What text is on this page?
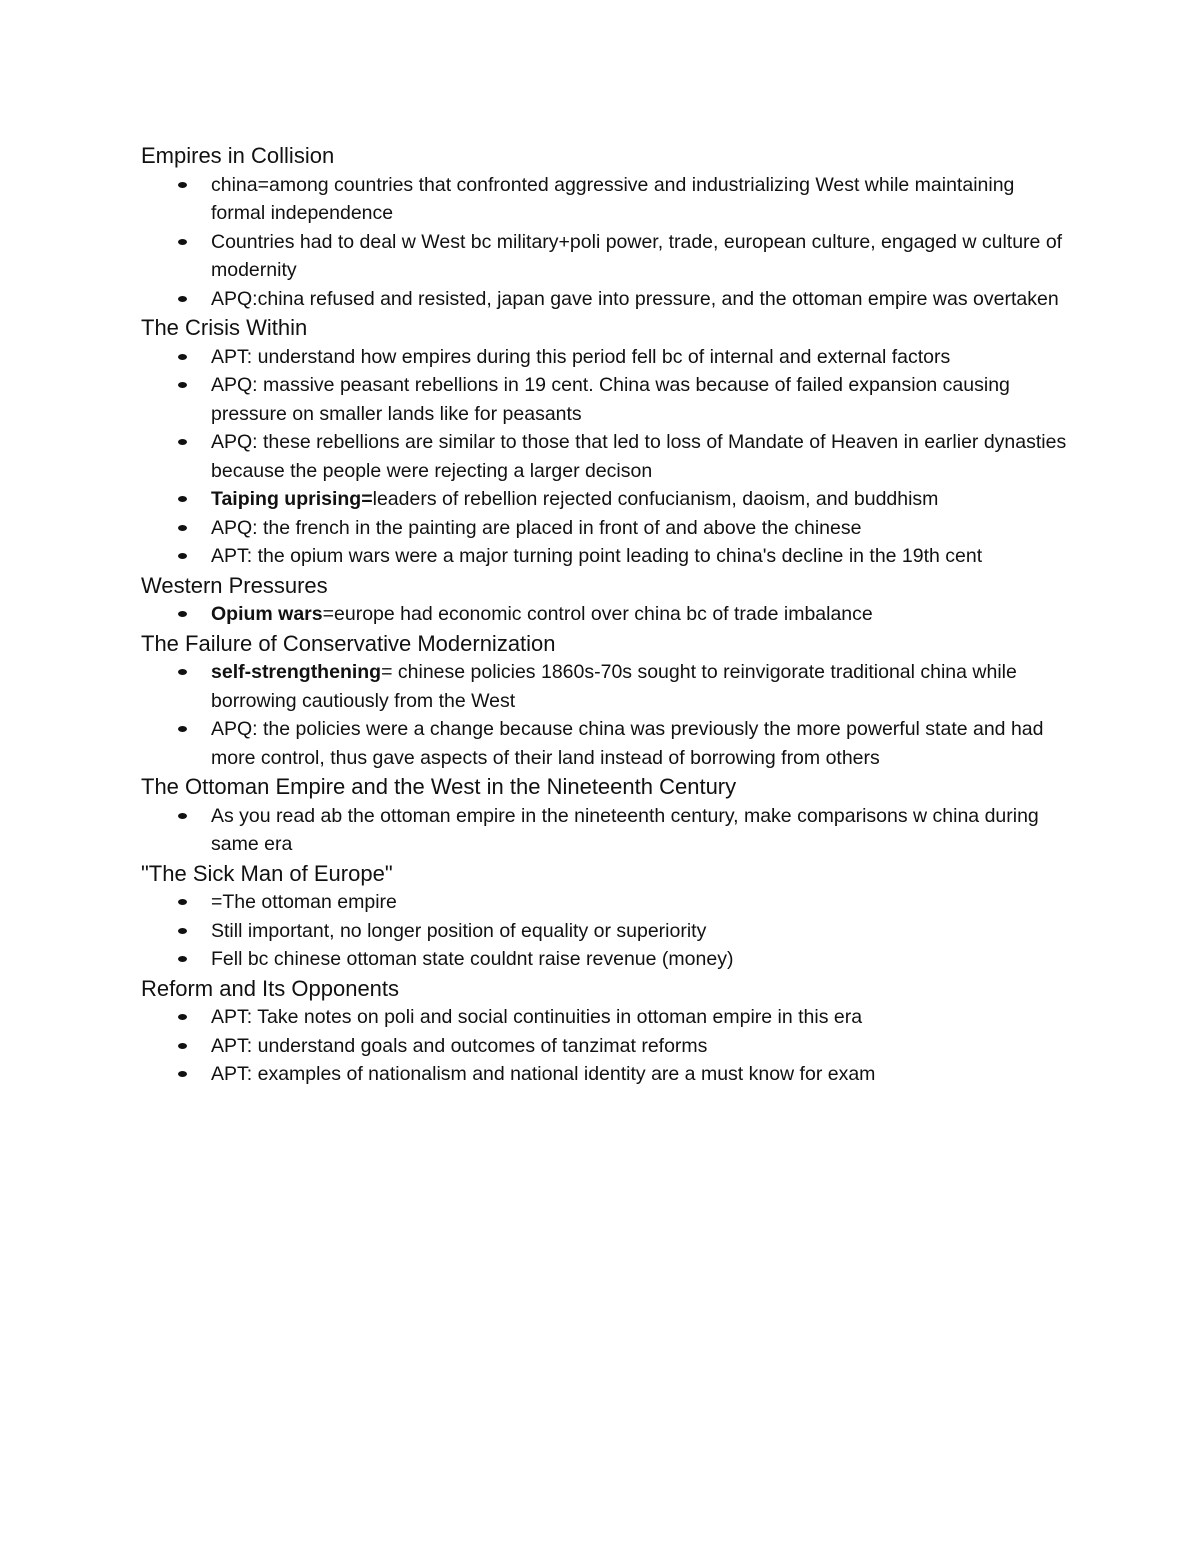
Empires in Collision
china=among countries that confronted aggressive and industrializing West while maintaining formal independence
Countries had to deal w West bc military+poli power, trade, european culture, engaged w culture of modernity
APQ:china refused and resisted, japan gave into pressure, and the ottoman empire was overtaken
The Crisis Within
APT: understand how empires during this period fell bc of internal and external factors
APQ: massive peasant rebellions in 19 cent. China was because of failed expansion causing pressure on smaller lands like for peasants
APQ: these rebellions are similar to those that led to loss of Mandate of Heaven in earlier dynasties because the people were rejecting a larger decison
Taiping uprising=leaders of rebellion rejected confucianism, daoism, and buddhism
APQ: the french in the painting are placed in front of and above the chinese
APT: the opium wars were a major turning point leading to china's decline in the 19th cent
Western Pressures
Opium wars=europe had economic control over china bc of trade imbalance
The Failure of Conservative Modernization
self-strengthening= chinese policies 1860s-70s sought to reinvigorate traditional china while borrowing cautiously from the West
APQ: the policies were a change because china was previously the more powerful state and had more control, thus gave aspects of their land instead of borrowing from others
The Ottoman Empire and the West in the Nineteenth Century
As you read ab the ottoman empire in the nineteenth century, make comparisons w china during same era
"The Sick Man of Europe"
=The ottoman empire
Still important, no longer position of equality or superiority
Fell bc chinese ottoman state couldnt raise revenue (money)
Reform and Its Opponents
APT: Take notes on poli and social continuities in ottoman empire in this era
APT: understand goals and outcomes of tanzimat reforms
APT: examples of nationalism and national identity are a must know for exam
